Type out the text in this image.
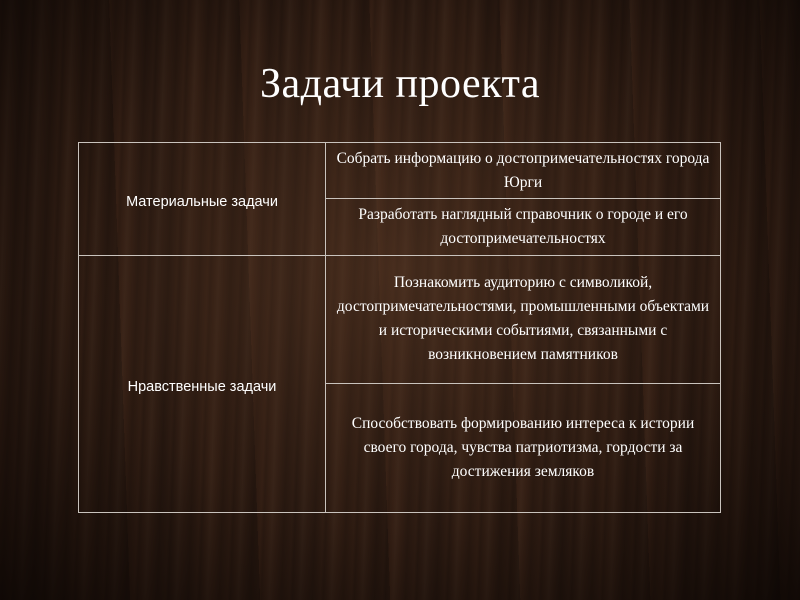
Задачи проекта
Материальные задачи	Собрать информацию о достопримечательностях города Юрги
	Разработать наглядный справочник о городе и его достопримечательностях
Нравственные задачи	Познакомить аудиторию с символикой, достопримечательностями, промышленными объектами и историческими событиями, связанными с возникновением памятников
	Способствовать формированию интереса к истории своего города, чувства патриотизма, гордости за достижения земляков
